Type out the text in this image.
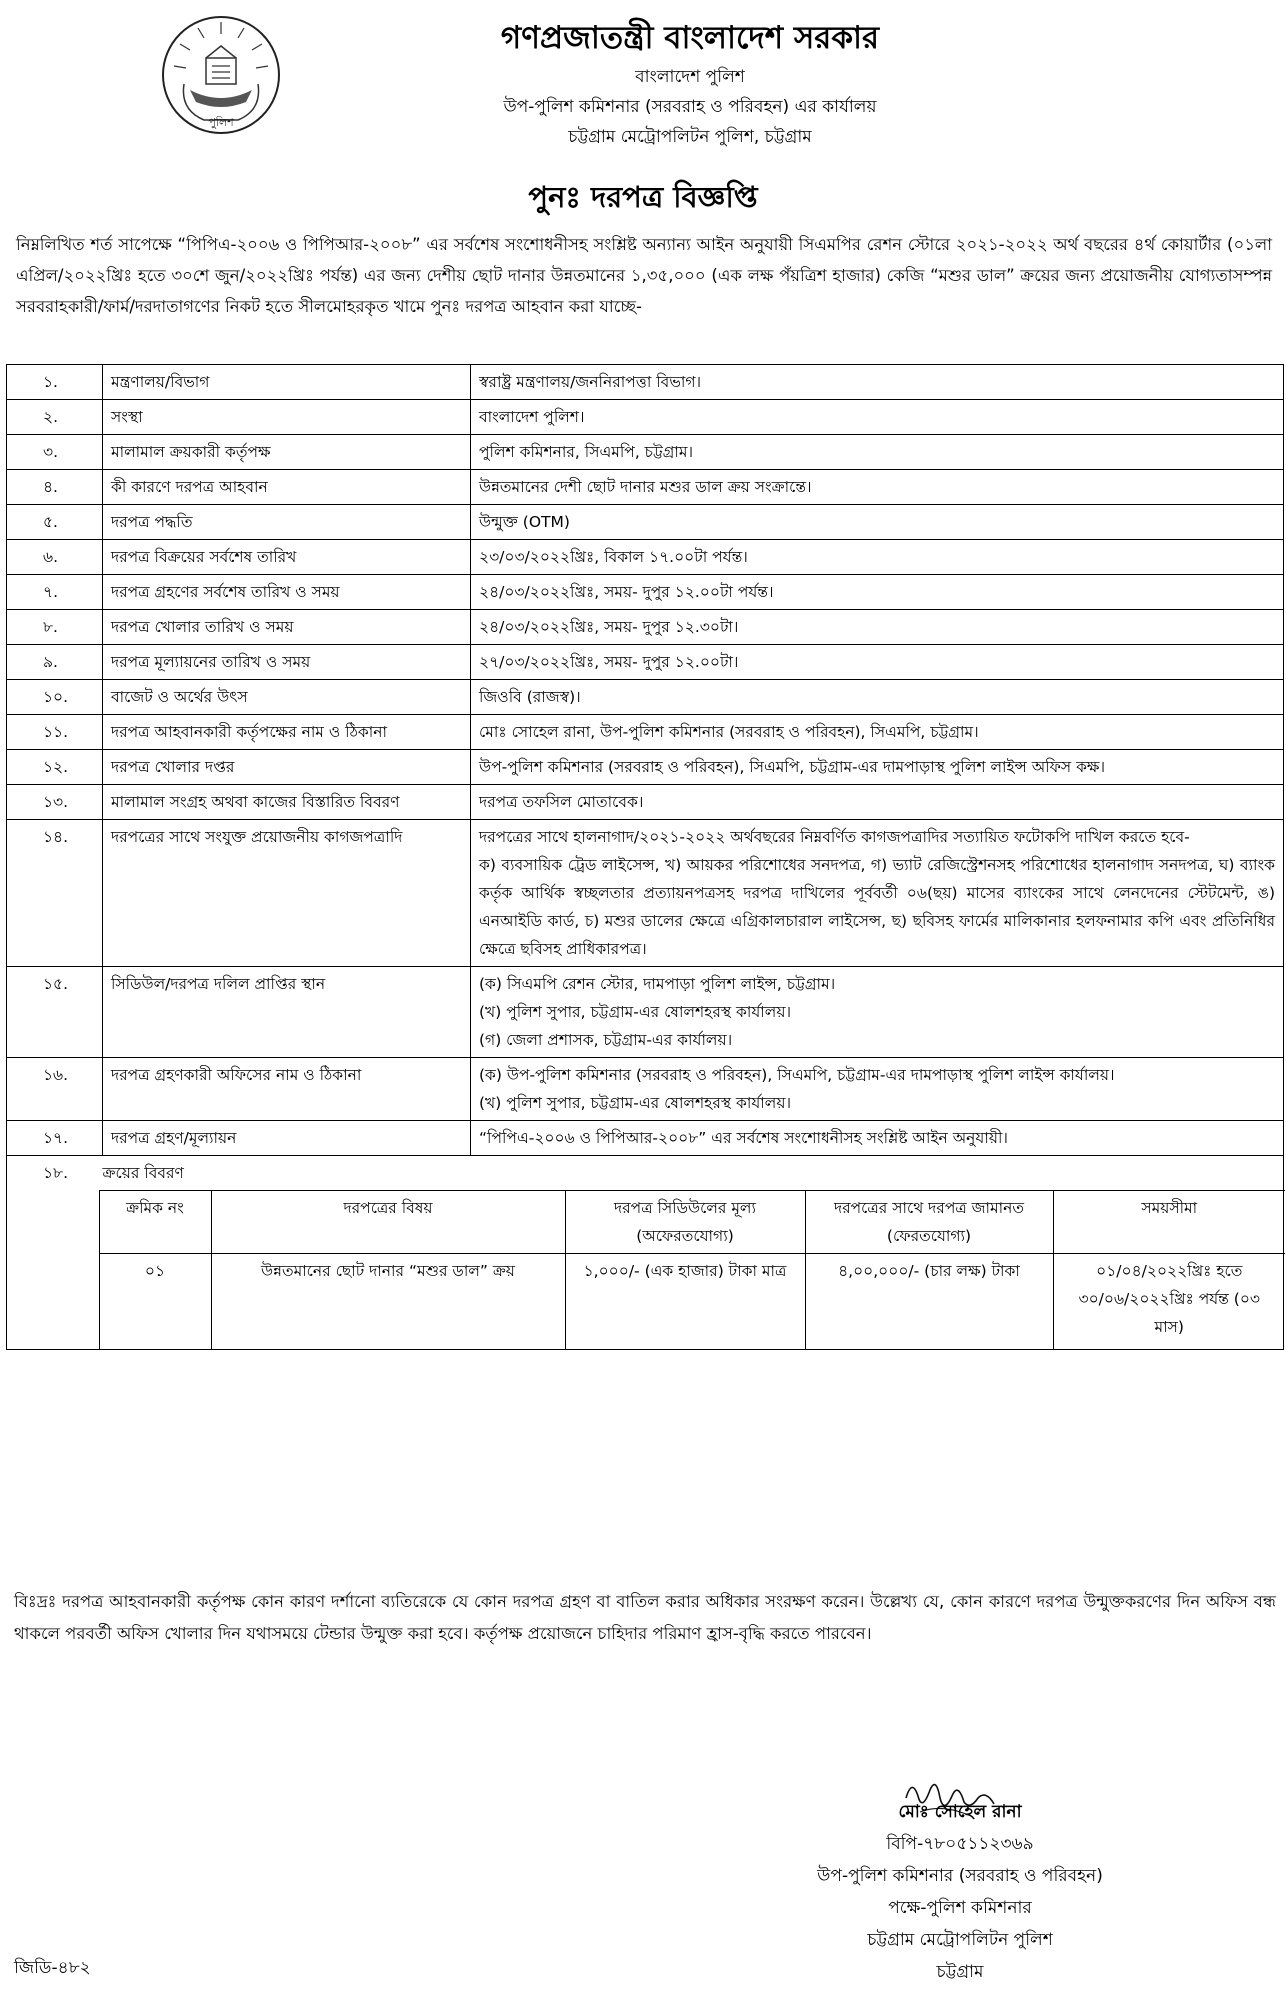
পুলিশ
গণপ্রজাতন্ত্রী বাংলাদেশ সরকার
বাংলাদেশ পুলিশ
উপ-পুলিশ কমিশনার (সরবরাহ ও পরিবহন) এর কার্যালয়
চট্টগ্রাম মেট্রোপলিটন পুলিশ, চট্টগ্রাম
পুনঃ দরপত্র বিজ্ঞপ্তি
নিম্নলিখিত শর্ত সাপেক্ষে “পিপিএ-২০০৬ ও পিপিআর-২০০৮” এর সর্বশেষ সংশোধনীসহ সংশ্লিষ্ট অন্যান্য আইন অনুযায়ী সিএমপির রেশন স্টোরে ২০২১-২০২২ অর্থ বছরের ৪র্থ কোয়ার্টার (০১লা এপ্রিল/২০২২খ্রিঃ হতে ৩০শে জুন/২০২২খ্রিঃ পর্যন্ত) এর জন্য দেশীয় ছোট দানার উন্নতমানের ১,৩৫,০০০ (এক লক্ষ পঁয়ত্রিশ হাজার) কেজি “মশুর ডাল” ক্রয়ের জন্য প্রয়োজনীয় যোগ্যতাসম্পন্ন সরবরাহকারী/ফার্ম/দরদাতাগণের নিকট হতে সীলমোহরকৃত খামে পুনঃ দরপত্র আহবান করা যাচ্ছে-
১.	মন্ত্রণালয়/বিভাগ	স্বরাষ্ট্র মন্ত্রণালয়/জননিরাপত্তা বিভাগ।

২.	সংস্থা	বাংলাদেশ পুলিশ।

৩.	মালামাল ক্রয়কারী কর্তৃপক্ষ	পুলিশ কমিশনার, সিএমপি, চট্টগ্রাম।

৪.	কী কারণে দরপত্র আহবান	উন্নতমানের দেশী ছোট দানার মশুর ডাল ক্রয় সংক্রান্তে।

৫.	দরপত্র পদ্ধতি	উন্মুক্ত (OTM)

৬.	দরপত্র বিক্রয়ের সর্বশেষ তারিখ	২৩/০৩/২০২২খ্রিঃ, বিকাল ১৭.০০টা পর্যন্ত।

৭.	দরপত্র গ্রহণের সর্বশেষ তারিখ ও সময়	২৪/০৩/২০২২খ্রিঃ, সময়- দুপুর ১২.০০টা পর্যন্ত।

৮.	দরপত্র খোলার তারিখ ও সময়	২৪/০৩/২০২২খ্রিঃ, সময়- দুপুর ১২.৩০টা।

৯.	দরপত্র মূল্যায়নের তারিখ ও সময়	২৭/০৩/২০২২খ্রিঃ, সময়- দুপুর ১২.০০টা।

১০.	বাজেট ও অর্থের উৎস	জিওবি (রাজস্ব)।

১১.	দরপত্র আহবানকারী কর্তৃপক্ষের নাম ও ঠিকানা	মোঃ সোহেল রানা, উপ-পুলিশ কমিশনার (সরবরাহ ও পরিবহন), সিএমপি, চট্টগ্রাম।

১২.	দরপত্র খোলার দপ্তর	উপ-পুলিশ কমিশনার (সরবরাহ ও পরিবহন), সিএমপি, চট্টগ্রাম-এর দামপাড়াস্থ পুলিশ লাইন্স অফিস কক্ষ।

১৩.	মালামাল সংগ্রহ অথবা কাজের বিস্তারিত বিবরণ	দরপত্র তফসিল মোতাবেক।

১৪.	দরপত্রের সাথে সংযুক্ত প্রয়োজনীয় কাগজপত্রাদি	দরপত্রের সাথে হালনাগাদ/২০২১-২০২২ অর্থবছরের নিম্নবর্ণিত কাগজপত্রাদির সত্যায়িত ফটোকপি দাখিল করতে হবে-
ক) ব্যবসায়িক ট্রেড লাইসেন্স, খ) আয়কর পরিশোধের সনদপত্র, গ) ভ্যাট রেজিস্ট্রেশনসহ পরিশোধের হালনাগাদ সনদপত্র, ঘ) ব্যাংক কর্তৃক আর্থিক স্বচ্ছলতার প্রত্যায়নপত্রসহ দরপত্র দাখিলের পূর্ববর্তী ০৬(ছয়) মাসের ব্যাংকের সাথে লেনদেনের স্টেটমেন্ট, ঙ) এনআইডি কার্ড, চ) মশুর ডালের ক্ষেত্রে এগ্রিকালচারাল লাইসেন্স, ছ) ছবিসহ ফার্মের মালিকানার হলফনামার কপি এবং প্রতিনিধির ক্ষেত্রে ছবিসহ প্রাধিকারপত্র।

১৫.	সিডিউল/দরপত্র দলিল প্রাপ্তির স্থান	(ক) সিএমপি রেশন স্টোর, দামপাড়া পুলিশ লাইন্স, চট্টগ্রাম।
(খ) পুলিশ সুপার, চট্টগ্রাম-এর ষোলশহরস্থ কার্যালয়।
(গ) জেলা প্রশাসক, চট্টগ্রাম-এর কার্যালয়।

১৬.	দরপত্র গ্রহণকারী অফিসের নাম ও ঠিকানা	(ক) উপ-পুলিশ কমিশনার (সরবরাহ ও পরিবহন), সিএমপি, চট্টগ্রাম-এর দামপাড়াস্থ পুলিশ লাইন্স কার্যালয়।
(খ) পুলিশ সুপার, চট্টগ্রাম-এর ষোলশহরস্থ কার্যালয়।

১৭.	দরপত্র গ্রহণ/মূল্যায়ন	“পিপিএ-২০০৬ ও পিপিআর-২০০৮” এর সর্বশেষ সংশোধনীসহ সংশ্লিষ্ট আইন অনুযায়ী।

১৮.	ক্রয়ের বিবরণ
ক্রমিক নং	দরপত্রের বিষয়	দরপত্র সিডিউলের মূল্য (অফেরতযোগ্য)	দরপত্রের সাথে দরপত্র জামানত (ফেরতযোগ্য)	সময়সীমা
০১	উন্নতমানের ছোট দানার “মশুর ডাল” ক্রয়	১,০০০/- (এক হাজার) টাকা মাত্র	৪,০০,০০০/- (চার লক্ষ) টাকা	০১/০৪/২০২২খ্রিঃ হতে ৩০/০৬/২০২২খ্রিঃ পর্যন্ত (০৩ মাস)
বিঃদ্রঃ দরপত্র আহবানকারী কর্তৃপক্ষ কোন কারণ দর্শানো ব্যতিরেকে যে কোন দরপত্র গ্রহণ বা বাতিল করার অধিকার সংরক্ষণ করেন। উল্লেখ্য যে, কোন কারণে দরপত্র উন্মুক্তকরণের দিন অফিস বন্ধ থাকলে পরবর্তী অফিস খোলার দিন যথাসময়ে টেন্ডার উন্মুক্ত করা হবে। কর্তৃপক্ষ প্রয়োজনে চাহিদার পরিমাণ হ্রাস-বৃদ্ধি করতে পারবেন।
মোঃ সোহেল রানা
বিপি-৭৮০৫১১২৩৬৯
উপ-পুলিশ কমিশনার (সরবরাহ ও পরিবহন)
পক্ষে-পুলিশ কমিশনার
চট্টগ্রাম মেট্রোপলিটন পুলিশ
চট্টগ্রাম
জিডি-৪৮২
